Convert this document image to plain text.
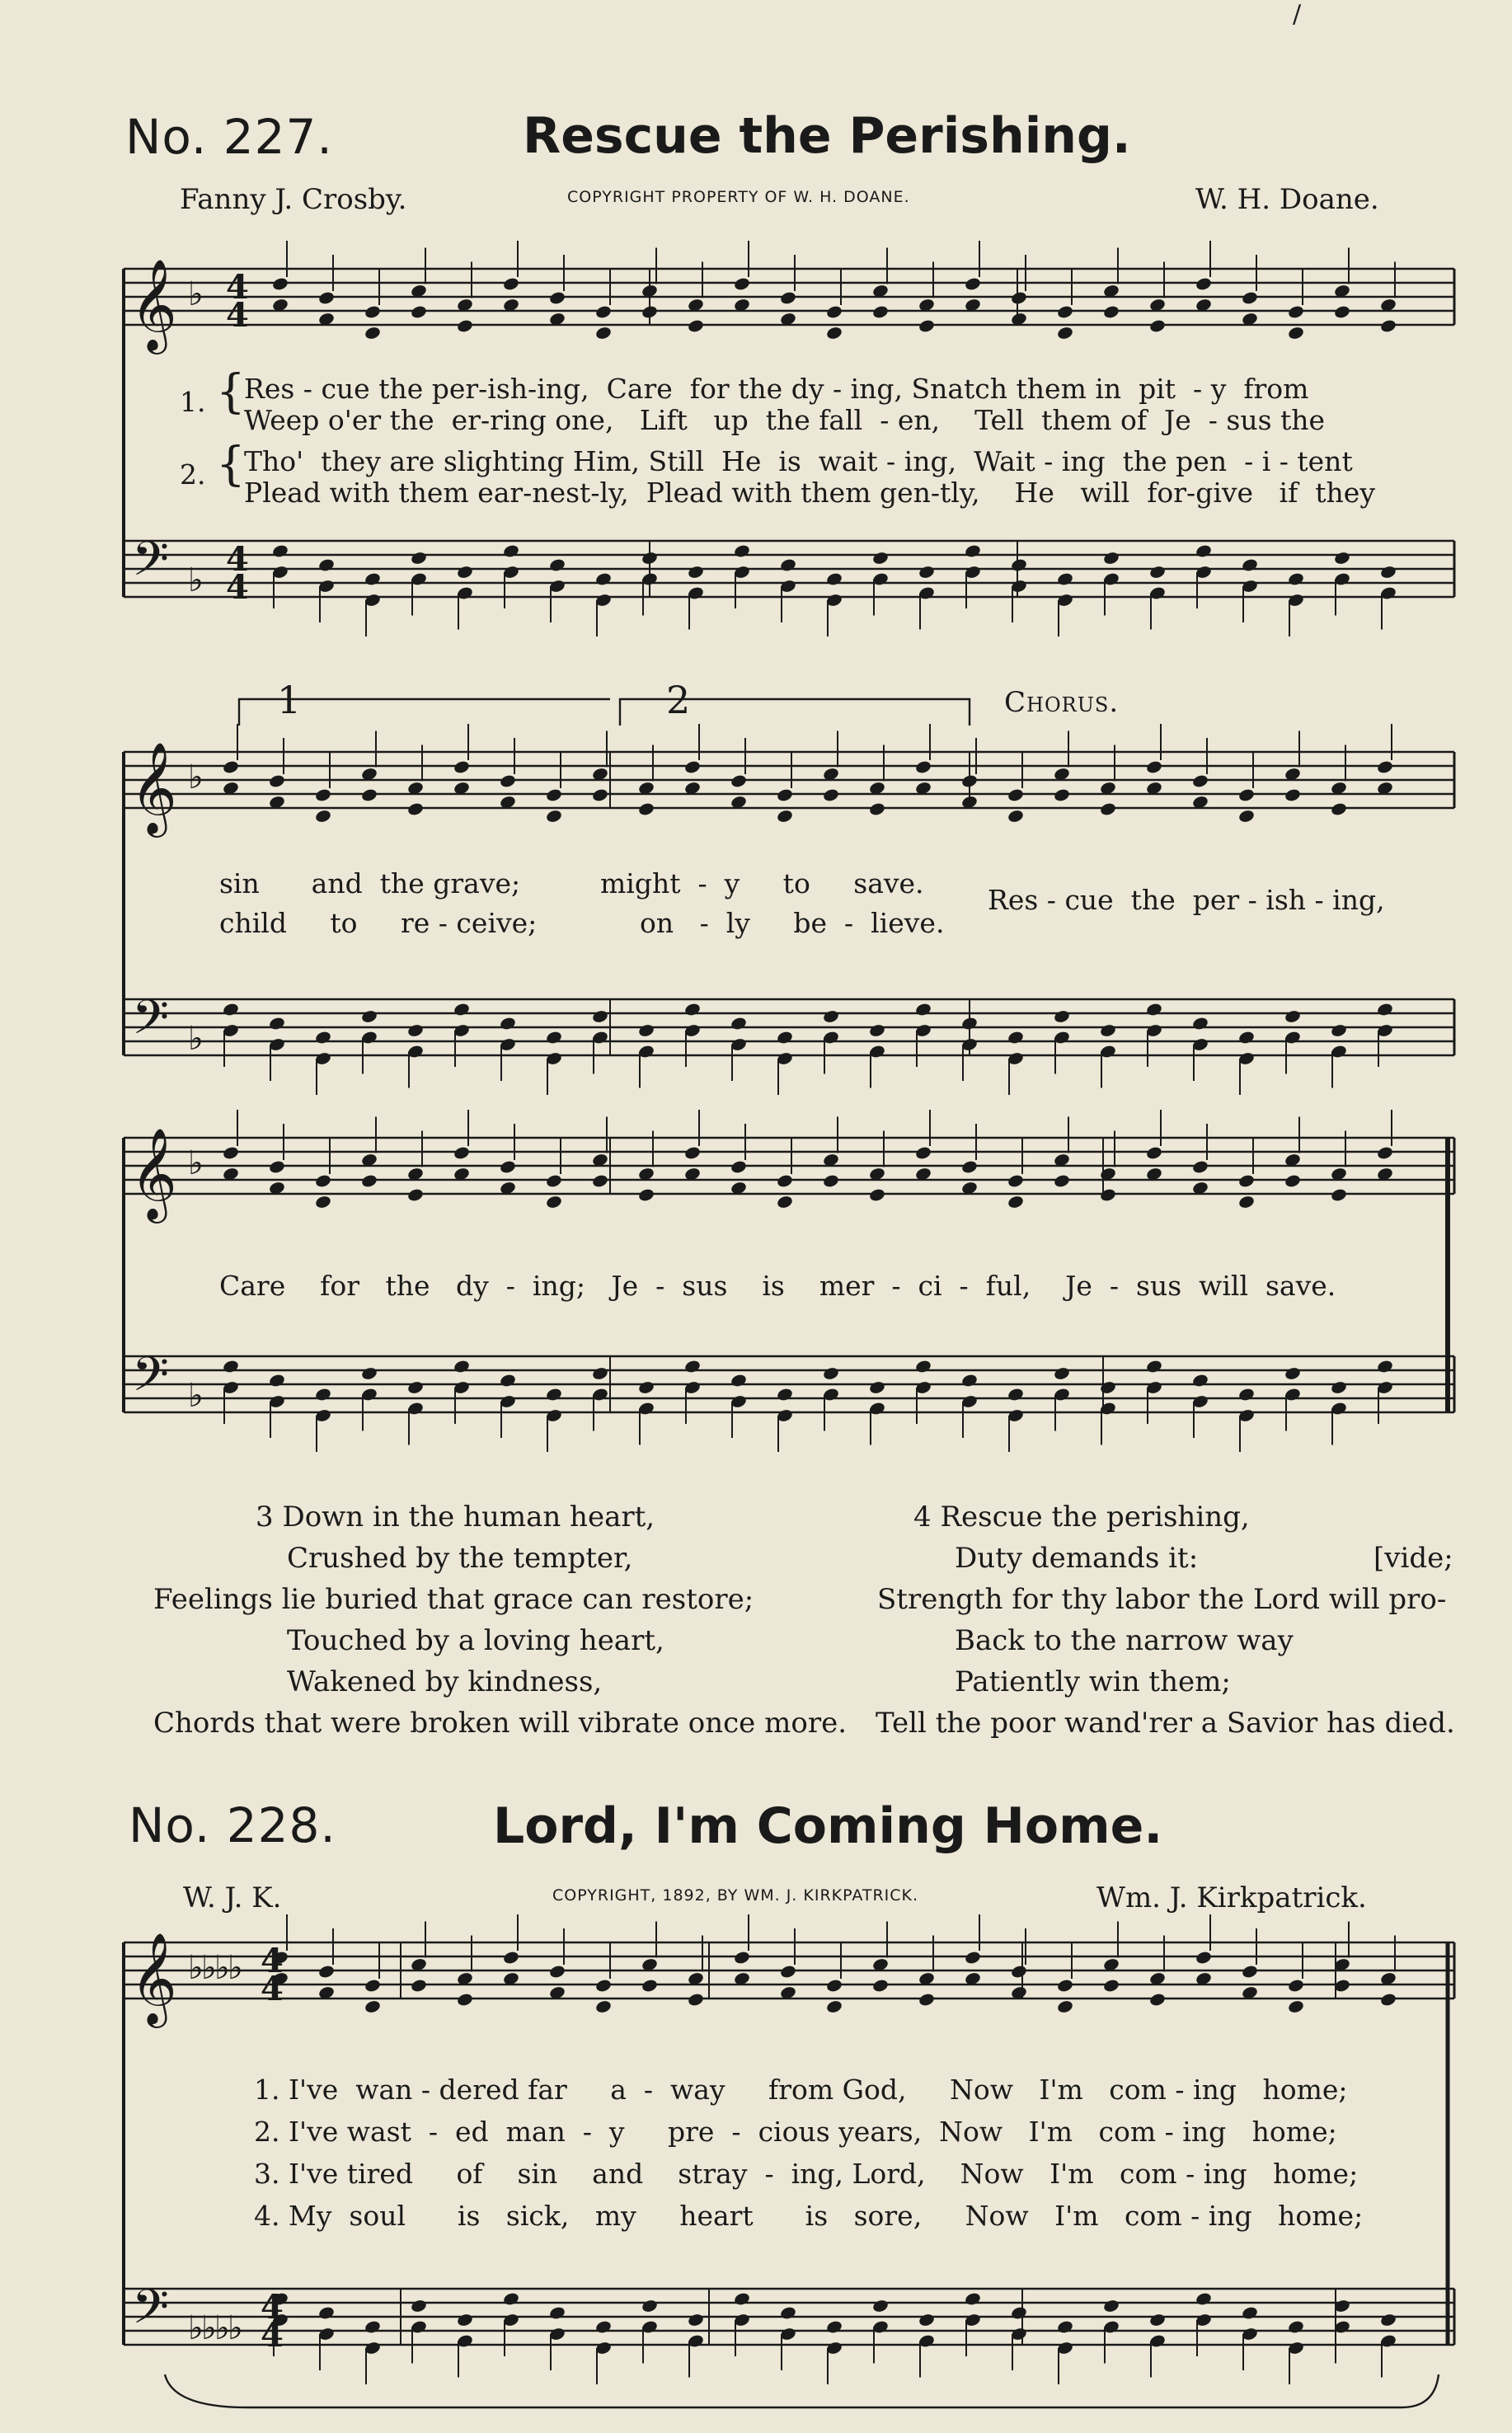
/
No. 227.	Rescue the Perishing.
Fanny J. Crosby.	COPYRIGHT PROPERTY OF W. H. DOANE.	W. H. Doane.
𝄞
𝄢
♭
♭
4
4
4
4
𝄞
𝄢
♭
♭
𝄞
𝄢
♭
♭
𝄞
𝄢
♭
♭
♭
♭
♭
♭
♭
♭
4
4
4
4
1. {
Res - cue the per-ish-ing,  Care  for the dy - ing, Snatch them in  pit  - y  from
Weep o'er the  er-ring one,   Lift   up  the fall  - en,    Tell  them of  Je  - sus the
2. {
Tho'  they are slighting Him, Still  He  is  wait - ing,  Wait - ing  the pen  - i - tent
Plead with them ear-nest-ly,  Plead with them gen-tly,    He   will  for-give   if  they
1	2	Chorus.
sin      and  the grave;	might  -  y     to     save.
child     to     re - ceive;	on   -  ly     be  -  lieve.
Res - cue  the  per - ish - ing,
Care    for   the   dy  -  ing;   Je  -  sus    is    mer  -  ci  -  ful,    Je  -  sus  will  save.
3 Down in the human heart,
Crushed by the tempter,
Feelings lie buried that grace can restore;
Touched by a loving heart,
Wakened by kindness,
Chords that were broken will vibrate once more.
4 Rescue the perishing,
Duty demands it:	[vide;
Strength for thy labor the Lord will pro-
Back to the narrow way
Patiently win them;
Tell the poor wand'rer a Savior has died.
No. 228.	Lord, I'm Coming Home.
W. J. K.	COPYRIGHT, 1892, BY WM. J. KIRKPATRICK.	Wm. J. Kirkpatrick.
1. I've  wan - dered far     a  -  way     from God,     Now   I'm   com - ing   home;
2. I've wast  -  ed  man  -  y     pre  -  cious years,  Now   I'm   com - ing   home;
3. I've tired     of    sin    and    stray  -  ing, Lord,    Now   I'm   com - ing   home;
4. My  soul      is   sick,   my     heart      is   sore,     Now   I'm   com - ing   home;
